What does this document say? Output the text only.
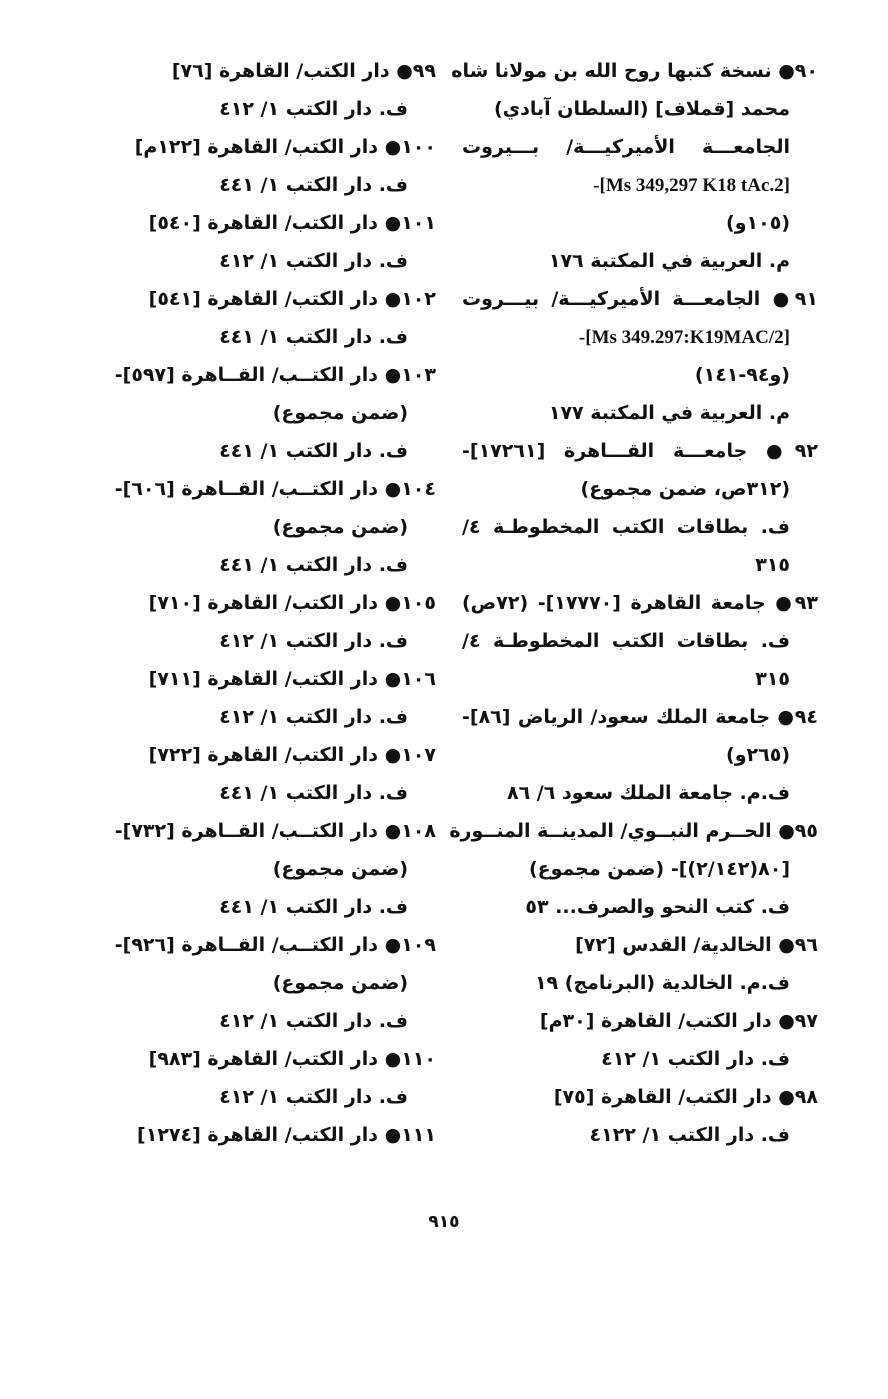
٩٠● نسخة كتبها روح الله بن مولانا شاه
محمد [قملاف] (السلطان آبادي)
الجامعـــة الأميركيـــة/ بـــيروت
-[Ms 349,297 K18 tAc.2]
(١٠٥و)
م. العربية في المكتبة ١٧٦
٩١● الجامعـــة الأميركيـــة/ بيـــروت
-[Ms 349.297:K19MAC/2]
(و٩٤-١٤١)
م. العربية في المكتبة ١٧٧
٩٢● جامعـــة القـــاهرة [١٧٢٦١]-
(٣١٢ص، ضمن مجموع)
ف. بطاقات الكتب المخطوطـة ٤/
٣١٥
٩٣● جامعة القاهرة [١٧٧٧٠]- (٧٢ص)
ف. بطاقات الكتب المخطوطـة ٤/
٣١٥
٩٤● جامعة الملك سعود/ الرياض [٨٦]-
(٢٦٥و)
ف.م. جامعة الملك سعود ٦/ ٨٦
٩٥● الحــرم النبــوي/ المدينــة المنــورة
[٨٠(٢/١٤٢)]- (ضمن مجموع)
ف. كتب النحو والصرف... ٥٣
٩٦● الخالدية/ القدس [٧٢]
ف.م. الخالدية (البرنامج) ١٩
٩٧● دار الكتب/ القاهرة [٣٠م]
ف. دار الكتب ١/ ٤١٢
٩٨● دار الكتب/ القاهرة [٧٥]
ف. دار الكتب ١/ ٤١٢٢
٩٩● دار الكتب/ القاهرة [٧٦]
ف. دار الكتب ١/ ٤١٢
١٠٠● دار الكتب/ القاهرة [١٢٢م]
ف. دار الكتب ١/ ٤٤١
١٠١● دار الكتب/ القاهرة [٥٤٠]
ف. دار الكتب ١/ ٤١٢
١٠٢● دار الكتب/ القاهرة [٥٤١]
ف. دار الكتب ١/ ٤٤١
١٠٣● دار الكتــب/ القــاهرة [٥٩٧]-
(ضمن مجموع)
ف. دار الكتب ١/ ٤٤١
١٠٤● دار الكتــب/ القــاهرة [٦٠٦]-
(ضمن مجموع)
ف. دار الكتب ١/ ٤٤١
١٠٥● دار الكتب/ القاهرة [٧١٠]
ف. دار الكتب ١/ ٤١٢
١٠٦● دار الكتب/ القاهرة [٧١١]
ف. دار الكتب ١/ ٤١٢
١٠٧● دار الكتب/ القاهرة [٧٢٢]
ف. دار الكتب ١/ ٤٤١
١٠٨● دار الكتــب/ القــاهرة [٧٣٢]-
(ضمن مجموع)
ف. دار الكتب ١/ ٤٤١
١٠٩● دار الكتــب/ القــاهرة [٩٢٦]-
(ضمن مجموع)
ف. دار الكتب ١/ ٤١٢
١١٠● دار الكتب/ القاهرة [٩٨٣]
ف. دار الكتب ١/ ٤١٢
١١١● دار الكتب/ القاهرة [١٢٧٤]
٩١٥
